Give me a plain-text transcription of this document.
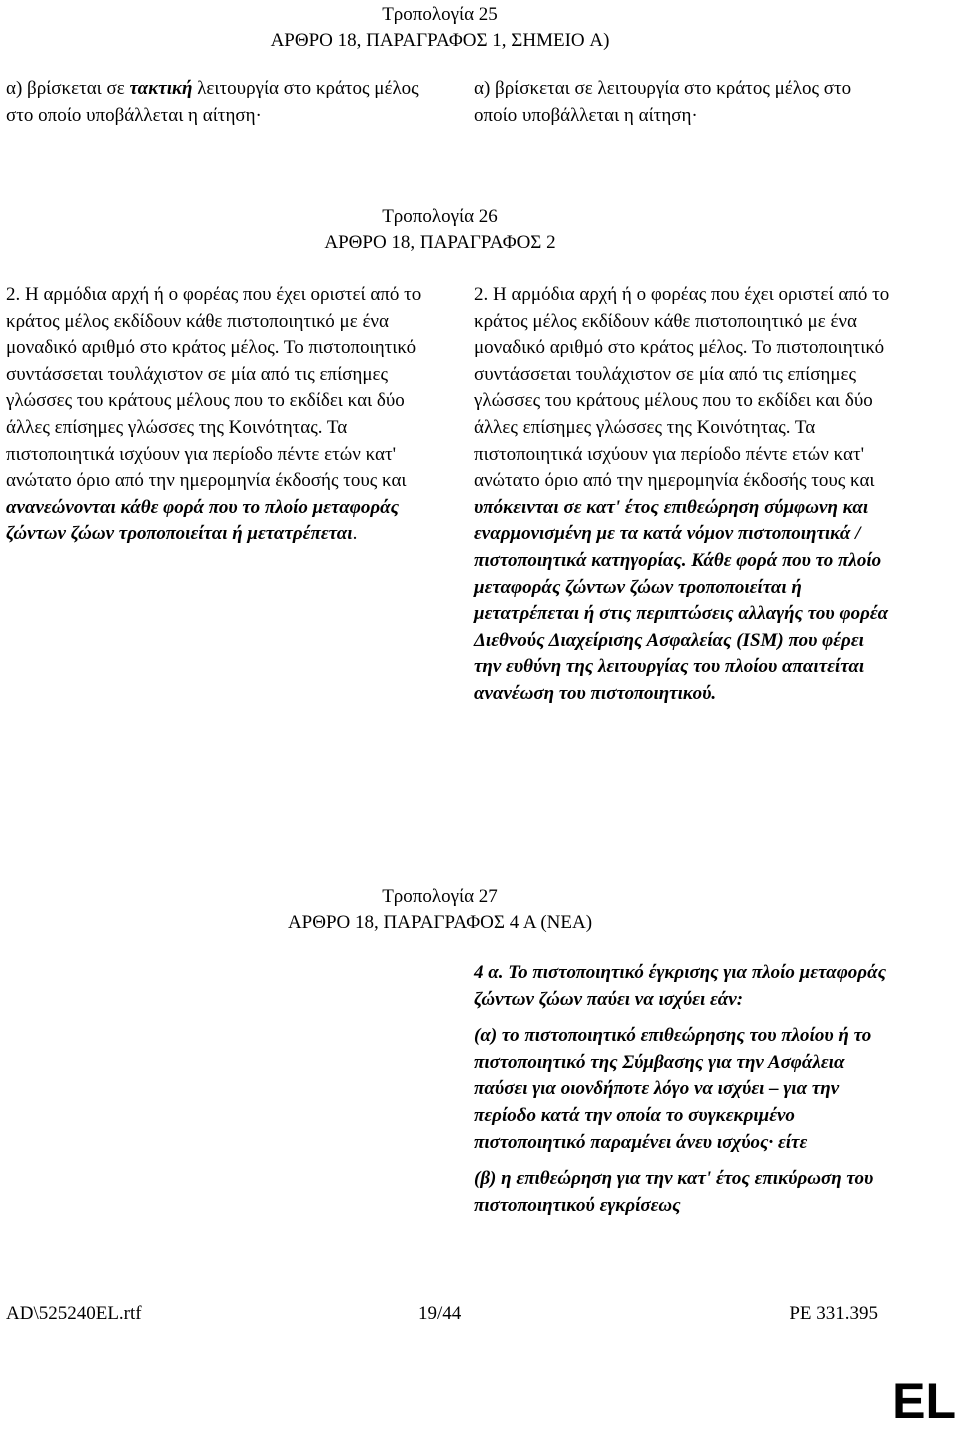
Τροπολογία 25
ΑΡΘΡΟ 18, ΠΑΡΑΓΡΑΦΟΣ 1, ΣΗΜΕΙΟ A)

α) βρίσκεται σε τακτική λειτουργία στο κράτος μέλος στο οποίο υποβάλλεται η αίτηση·

α) βρίσκεται σε λειτουργία στο κράτος μέλος στο οποίο υποβάλλεται η αίτηση·

Τροπολογία 26
ΑΡΘΡΟ 18, ΠΑΡΑΓΡΑΦΟΣ 2

2. Η αρμόδια αρχή ή ο φορέας που έχει οριστεί από το κράτος μέλος εκδίδουν κάθε πιστοποιητικό με ένα μοναδικό αριθμό στο κράτος μέλος. Το πιστοποιητικό συντάσσεται τουλάχιστον σε μία από τις επίσημες γλώσσες του κράτους μέλους που το εκδίδει και δύο άλλες επίσημες γλώσσες της Κοινότητας. Τα πιστοποιητικά ισχύουν για περίοδο πέντε ετών κατ' ανώτατο όριο από την ημερομηνία έκδοσής τους και ανανεώνονται κάθε φορά που το πλοίο μεταφοράς ζώντων ζώων τροποποιείται ή μετατρέπεται.

2. Η αρμόδια αρχή ή ο φορέας που έχει οριστεί από το κράτος μέλος εκδίδουν κάθε πιστοποιητικό με ένα μοναδικό αριθμό στο κράτος μέλος. Το πιστοποιητικό συντάσσεται τουλάχιστον σε μία από τις επίσημες γλώσσες του κράτους μέλους που το εκδίδει και δύο άλλες επίσημες γλώσσες της Κοινότητας. Τα πιστοποιητικά ισχύουν για περίοδο πέντε ετών κατ' ανώτατο όριο από την ημερομηνία έκδοσής τους και υπόκεινται σε κατ' έτος επιθεώρηση σύμφωνη και εναρμονισμένη με τα κατά νόμον πιστοποιητικά / πιστοποιητικά κατηγορίας. Κάθε φορά που το πλοίο μεταφοράς ζώντων ζώων τροποποιείται ή μετατρέπεται ή στις περιπτώσεις αλλαγής του φορέα Διεθνούς Διαχείρισης Ασφαλείας (ISM) που φέρει την ευθύνη της λειτουργίας του πλοίου απαιτείται ανανέωση του πιστοποιητικού.

Τροπολογία 27
ΑΡΘΡΟ 18, ΠΑΡΑΓΡΑΦΟΣ 4 Α (ΝΕΑ)

4 α. Το πιστοποιητικό έγκρισης για πλοίο μεταφοράς ζώντων ζώων παύει να ισχύει εάν:

(α) το πιστοποιητικό επιθεώρησης του πλοίου ή το πιστοποιητικό της Σύμβασης για την Ασφάλεια παύσει για οιονδήποτε λόγο να ισχύει – για την περίοδο κατά την οποία το συγκεκριμένο πιστοποιητικό παραμένει άνευ ισχύος· είτε

(β) η επιθεώρηση για την κατ' έτος επικύρωση του πιστοποιητικού εγκρίσεως

AD\525240EL.rtf	19/44	PE 331.395
EL
